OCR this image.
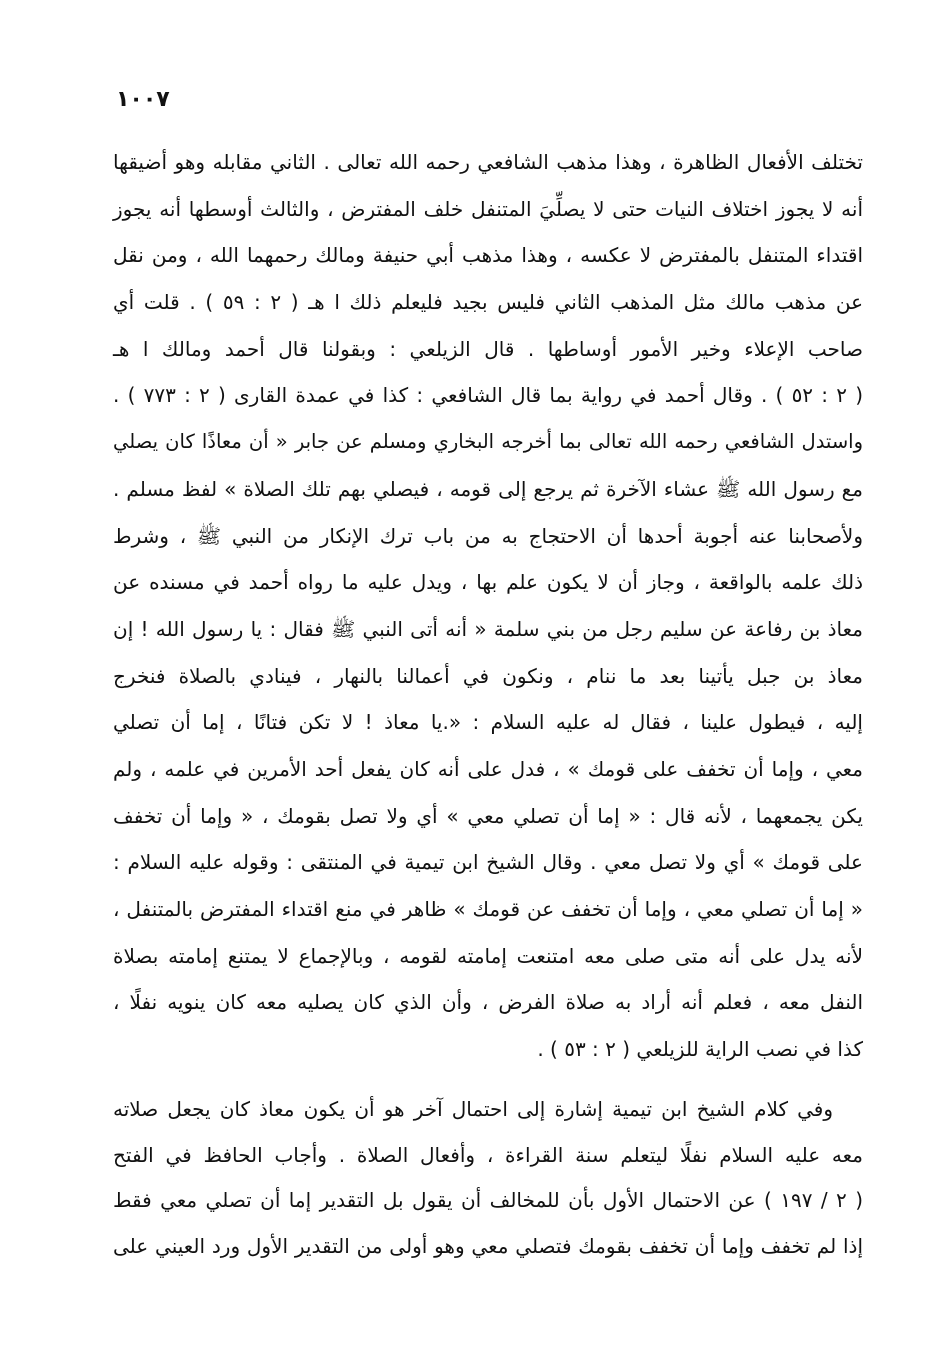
١٠٠٧
تختلف الأفعال الظاهرة ، وهذا مذهب الشافعي رحمه الله تعالى . الثاني مقابله وهو أضيقها
أنه لا يجوز اختلاف النيات حتى لا يصلِّيَ المتنفل خلف المفترض ، والثالث أوسطها أنه يجوز
اقتداء المتنفل بالمفترض لا عكسه ، وهذا مذهب أبي حنيفة ومالك رحمهما الله ، ومن نقل
عن مذهب مالك مثل المذهب الثاني فليس بجيد فليعلم ذلك ا هـ ( ٢ : ٥٩ ) . قلت أي
صاحب الإعلاء وخير الأمور أوساطها . قال الزيلعي : وبقولنا قال أحمد ومالك ا هـ
( ٢ : ٥٢ ) . وقال أحمد في رواية بما قال الشافعي : كذا في عمدة القارى ( ٢ : ٧٧٣ ) .
واستدل الشافعي رحمه الله تعالى بما أخرجه البخاري ومسلم عن جابر « أن معاذًا كان يصلي
مع رسول الله ﷺ عشاء الآخرة ثم يرجع إلى قومه ، فيصلي بهم تلك الصلاة » لفظ مسلم .
ولأصحابنا عنه أجوبة أحدها أن الاحتجاج به من باب ترك الإنكار من النبي ﷺ ، وشرط
ذلك علمه بالواقعة ، وجاز أن لا يكون علم بها ، ويدل عليه ما رواه أحمد في مسنده عن
معاذ بن رفاعة عن سليم رجل من بني سلمة « أنه أتى النبي ﷺ فقال : يا رسول الله ! إن
معاذ بن جبل يأتينا بعد ما ننام ، ونكون في أعمالنا بالنهار ، فينادي بالصلاة فنخرج
إليه ، فيطول علينا ، فقال له عليه السلام : «.يا معاذ ! لا تكن فتانًا ، إما أن تصلي
معي ، وإما أن تخفف على قومك » ، فدل على أنه كان يفعل أحد الأمرين في علمه ، ولم
يكن يجمعهما ، لأنه قال : « إما أن تصلي معي » أي ولا تصل بقومك ، « وإما أن تخفف
على قومك » أي ولا تصل معي . وقال الشيخ ابن تيمية في المنتقى : وقوله عليه السلام :
« إما أن تصلي معي ، وإما أن تخفف عن قومك » ظاهر في منع اقتداء المفترض بالمتنفل ،
لأنه يدل على أنه متى صلى معه امتنعت إمامته لقومه ، وبالإجماع لا يمتنع إمامته بصلاة
النفل معه ، فعلم أنه أراد به صلاة الفرض ، وأن الذي كان يصليه معه كان ينويه نفلًا ،
كذا في نصب الراية للزيلعي ( ٢ : ٥٣ ) .
وفي كلام الشيخ ابن تيمية إشارة إلى احتمال آخر هو أن يكون معاذ كان يجعل صلاته
معه عليه السلام نفلًا ليتعلم سنة القراءة ، وأفعال الصلاة . وأجاب الحافظ في الفتح
( ٢ / ١٩٧ ) عن الاحتمال الأول بأن للمخالف أن يقول بل التقدير إما أن تصلي معي فقط
إذا لم تخفف وإما أن تخفف بقومك فتصلي معي وهو أولى من التقدير الأول ورد العيني على
